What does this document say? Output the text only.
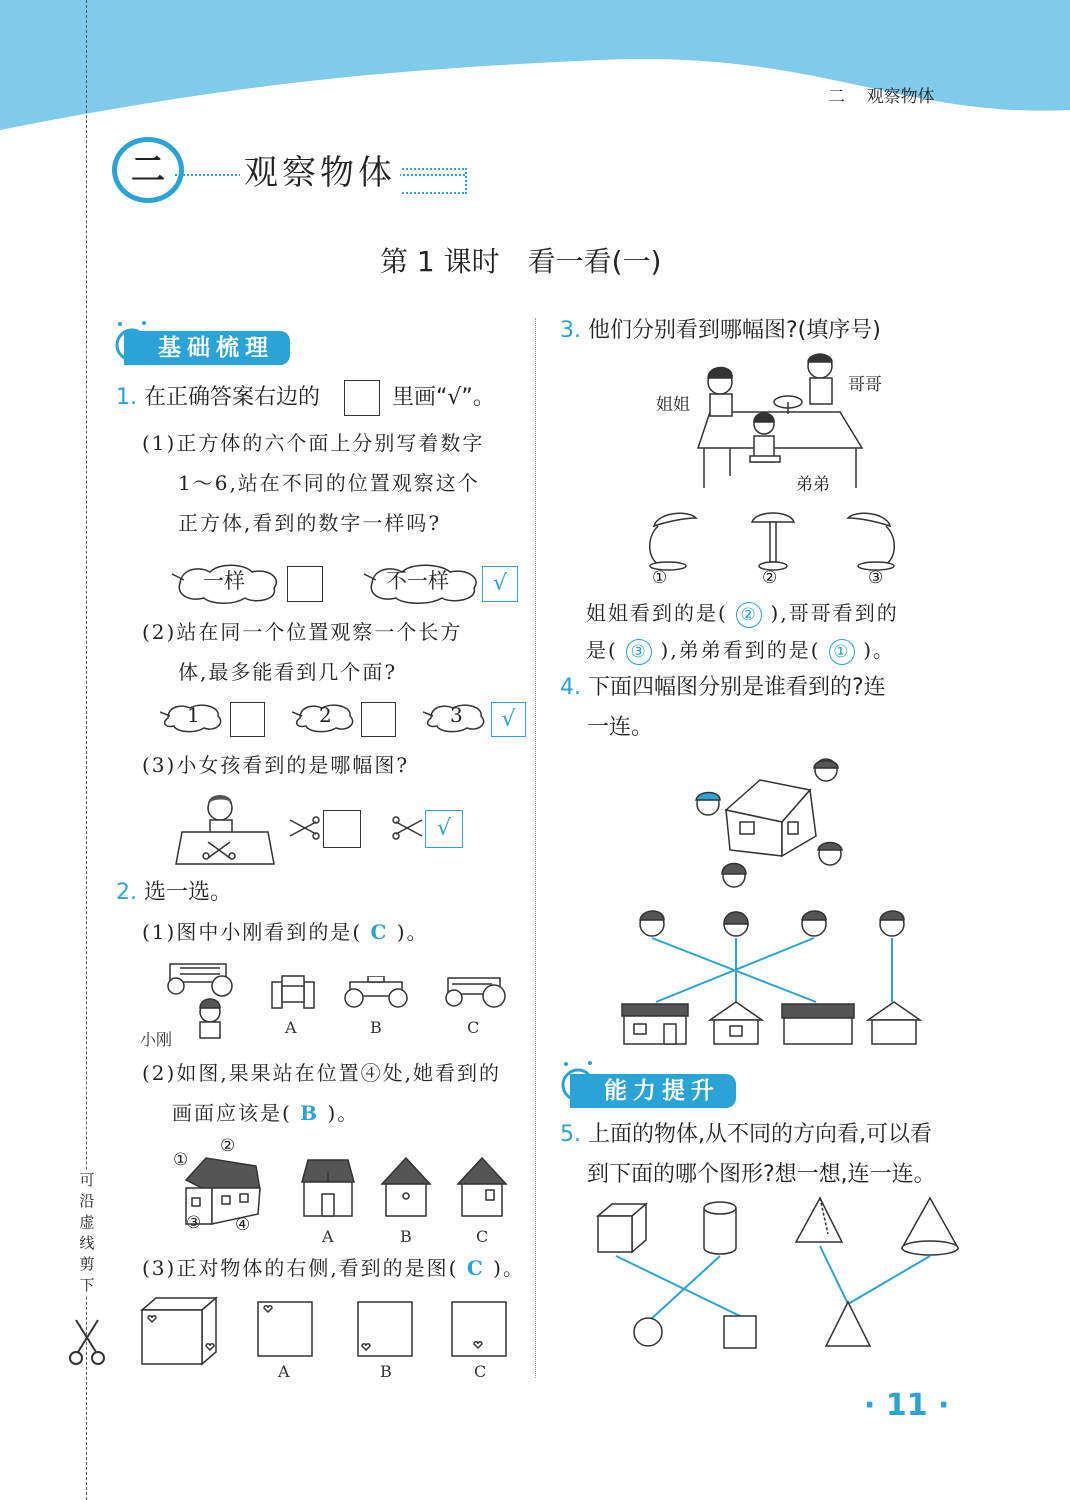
二 观察物体
可沿虚线剪下
二	观察物体
第 1 课时　看一看(一)
基础梳理
1. 在正确答案右边的	里画“√”。
(1)正方体的六个面上分别写着数字
1～6,站在不同的位置观察这个
正方体,看到的数字一样吗?
一样	不一样	√
(2)站在同一个位置观察一个长方
体,最多能看到几个面?
1	2	3	√
(3)小女孩看到的是哪幅图?
√
2. 选一选。
(1)图中小刚看到的是( C )。
小刚
A	B	C
(2)如图,果果站在位置④处,她看到的
画面应该是( B )。
①
②
③ ④
A	B	C
(3)正对物体的右侧,看到的是图( C )。
A	B	C
3. 他们分别看到哪幅图?(填序号)
姐姐
哥哥
弟弟
①	②	③
姐姐看到的是( ② ),哥哥看到的
是( ③ ),弟弟看到的是( ① )。
4. 下面四幅图分别是谁看到的?连
一连。
能力提升
5. 上面的物体,从不同的方向看,可以看
到下面的哪个图形?想一想,连一连。
· 11 ·
